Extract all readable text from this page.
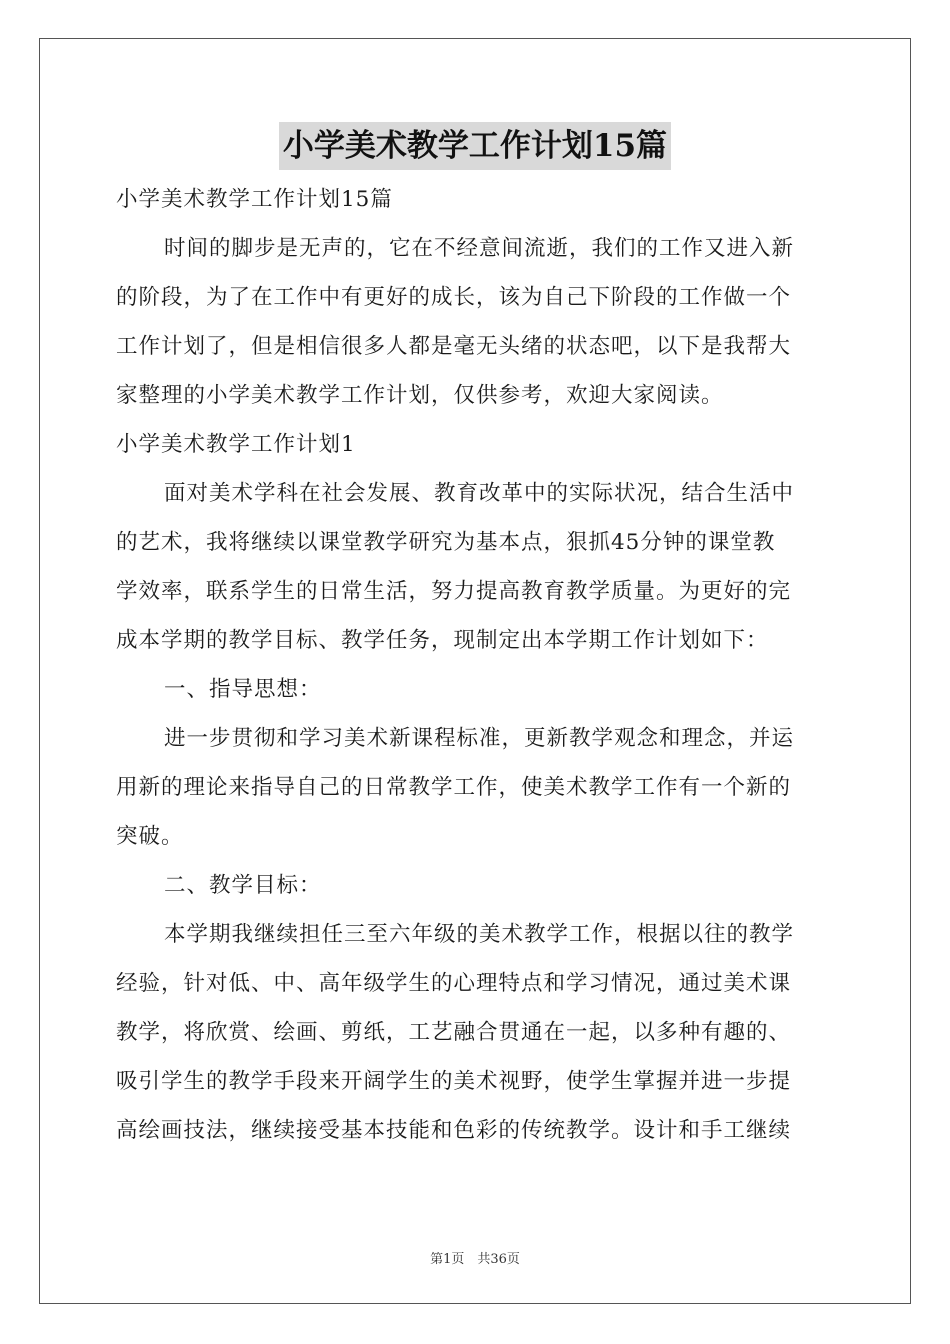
小学美术教学工作计划15篇
小学美术教学工作计划15篇
时间的脚步是无声的，它在不经意间流逝，我们的工作又进入新
的阶段，为了在工作中有更好的成长，该为自己下阶段的工作做一个
工作计划了，但是相信很多人都是毫无头绪的状态吧，以下是我帮大
家整理的小学美术教学工作计划，仅供参考，欢迎大家阅读。
小学美术教学工作计划1
面对美术学科在社会发展、教育改革中的实际状况，结合生活中
的艺术，我将继续以课堂教学研究为基本点，狠抓45分钟的课堂教
学效率，联系学生的日常生活，努力提高教育教学质量。为更好的完
成本学期的教学目标、教学任务，现制定出本学期工作计划如下：
一、指导思想：
进一步贯彻和学习美术新课程标准，更新教学观念和理念，并运
用新的理论来指导自己的日常教学工作，使美术教学工作有一个新的
突破。
二、教学目标：
本学期我继续担任三至六年级的美术教学工作，根据以往的教学
经验，针对低、中、高年级学生的心理特点和学习情况，通过美术课
教学，将欣赏、绘画、剪纸，工艺融合贯通在一起，以多种有趣的、
吸引学生的教学手段来开阔学生的美术视野，使学生掌握并进一步提
高绘画技法，继续接受基本技能和色彩的传统教学。设计和手工继续
第1页　共36页
